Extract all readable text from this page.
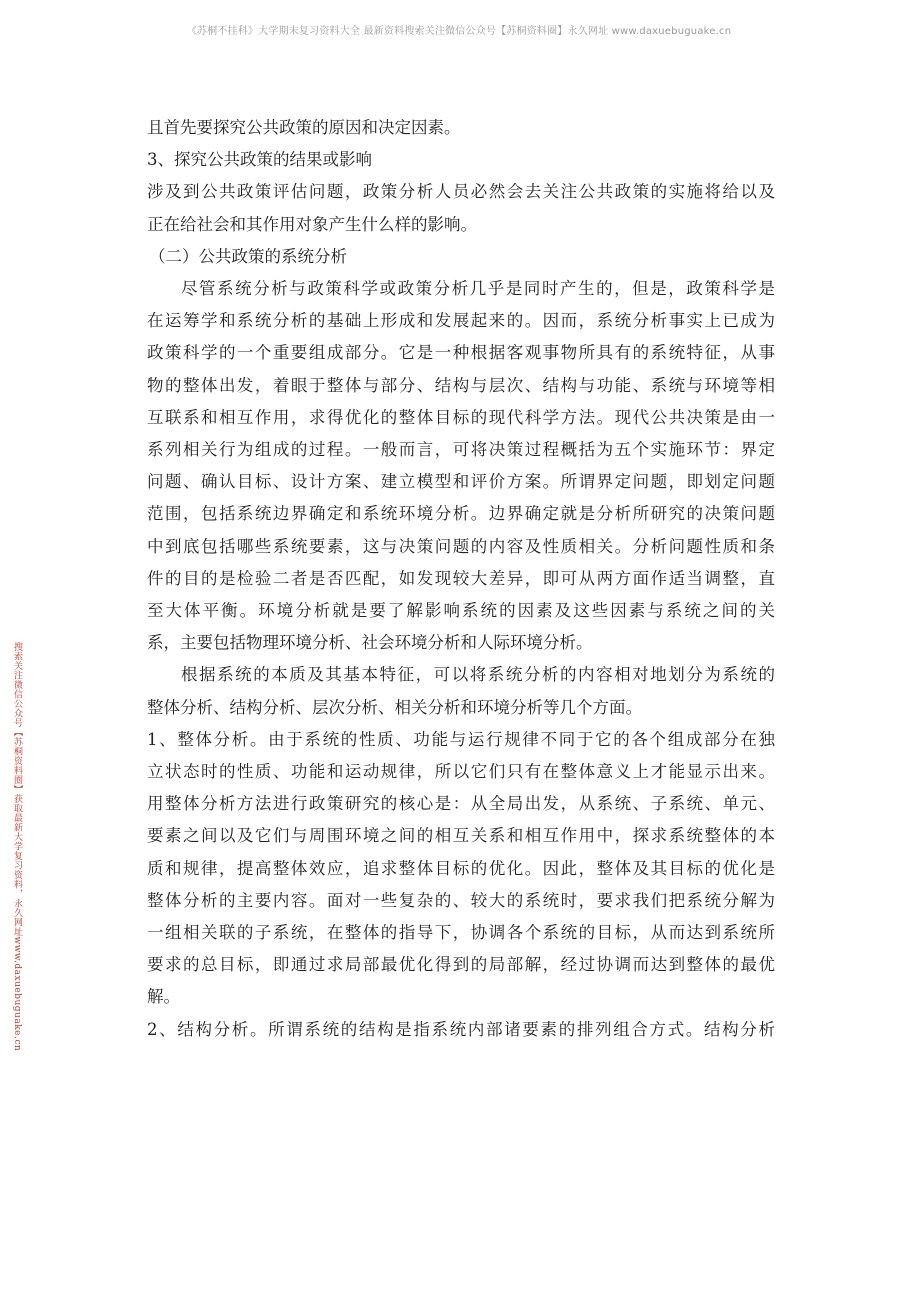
《苏桐不挂科》大学期末复习资料大全 最新资料搜索关注微信公众号【苏桐资料圈】永久网址 www.daxuebuguake.cn
搜索关注微信公众号【苏桐资料圈】获取最新大学复习资料，永久网址www.daxuebuguake.cn
且首先要探究公共政策的原因和决定因素。
3、探究公共政策的结果或影响
涉及到公共政策评估问题，政策分析人员必然会去关注公共政策的实施将给以及
正在给社会和其作用对象产生什么样的影响。
（二）公共政策的系统分析
尽管系统分析与政策科学或政策分析几乎是同时产生的，但是，政策科学是
在运筹学和系统分析的基础上形成和发展起来的。因而，系统分析事实上已成为
政策科学的一个重要组成部分。它是一种根据客观事物所具有的系统特征，从事
物的整体出发，着眼于整体与部分、结构与层次、结构与功能、系统与环境等相
互联系和相互作用，求得优化的整体目标的现代科学方法。现代公共决策是由一
系列相关行为组成的过程。一般而言，可将决策过程概括为五个实施环节：界定
问题、确认目标、设计方案、建立模型和评价方案。所谓界定问题，即划定问题
范围，包括系统边界确定和系统环境分析。边界确定就是分析所研究的决策问题
中到底包括哪些系统要素，这与决策问题的内容及性质相关。分析问题性质和条
件的目的是检验二者是否匹配，如发现较大差异，即可从两方面作适当调整，直
至大体平衡。环境分析就是要了解影响系统的因素及这些因素与系统之间的关
系，主要包括物理环境分析、社会环境分析和人际环境分析。
根据系统的本质及其基本特征，可以将系统分析的内容相对地划分为系统的
整体分析、结构分析、层次分析、相关分析和环境分析等几个方面。
1、整体分析。由于系统的性质、功能与运行规律不同于它的各个组成部分在独
立状态时的性质、功能和运动规律，所以它们只有在整体意义上才能显示出来。
用整体分析方法进行政策研究的核心是：从全局出发，从系统、子系统、单元、
要素之间以及它们与周围环境之间的相互关系和相互作用中，探求系统整体的本
质和规律，提高整体效应，追求整体目标的优化。因此，整体及其目标的优化是
整体分析的主要内容。面对一些复杂的、较大的系统时，要求我们把系统分解为
一组相关联的子系统，在整体的指导下，协调各个系统的目标，从而达到系统所
要求的总目标，即通过求局部最优化得到的局部解，经过协调而达到整体的最优
解。
2、结构分析。所谓系统的结构是指系统内部诸要素的排列组合方式。结构分析
